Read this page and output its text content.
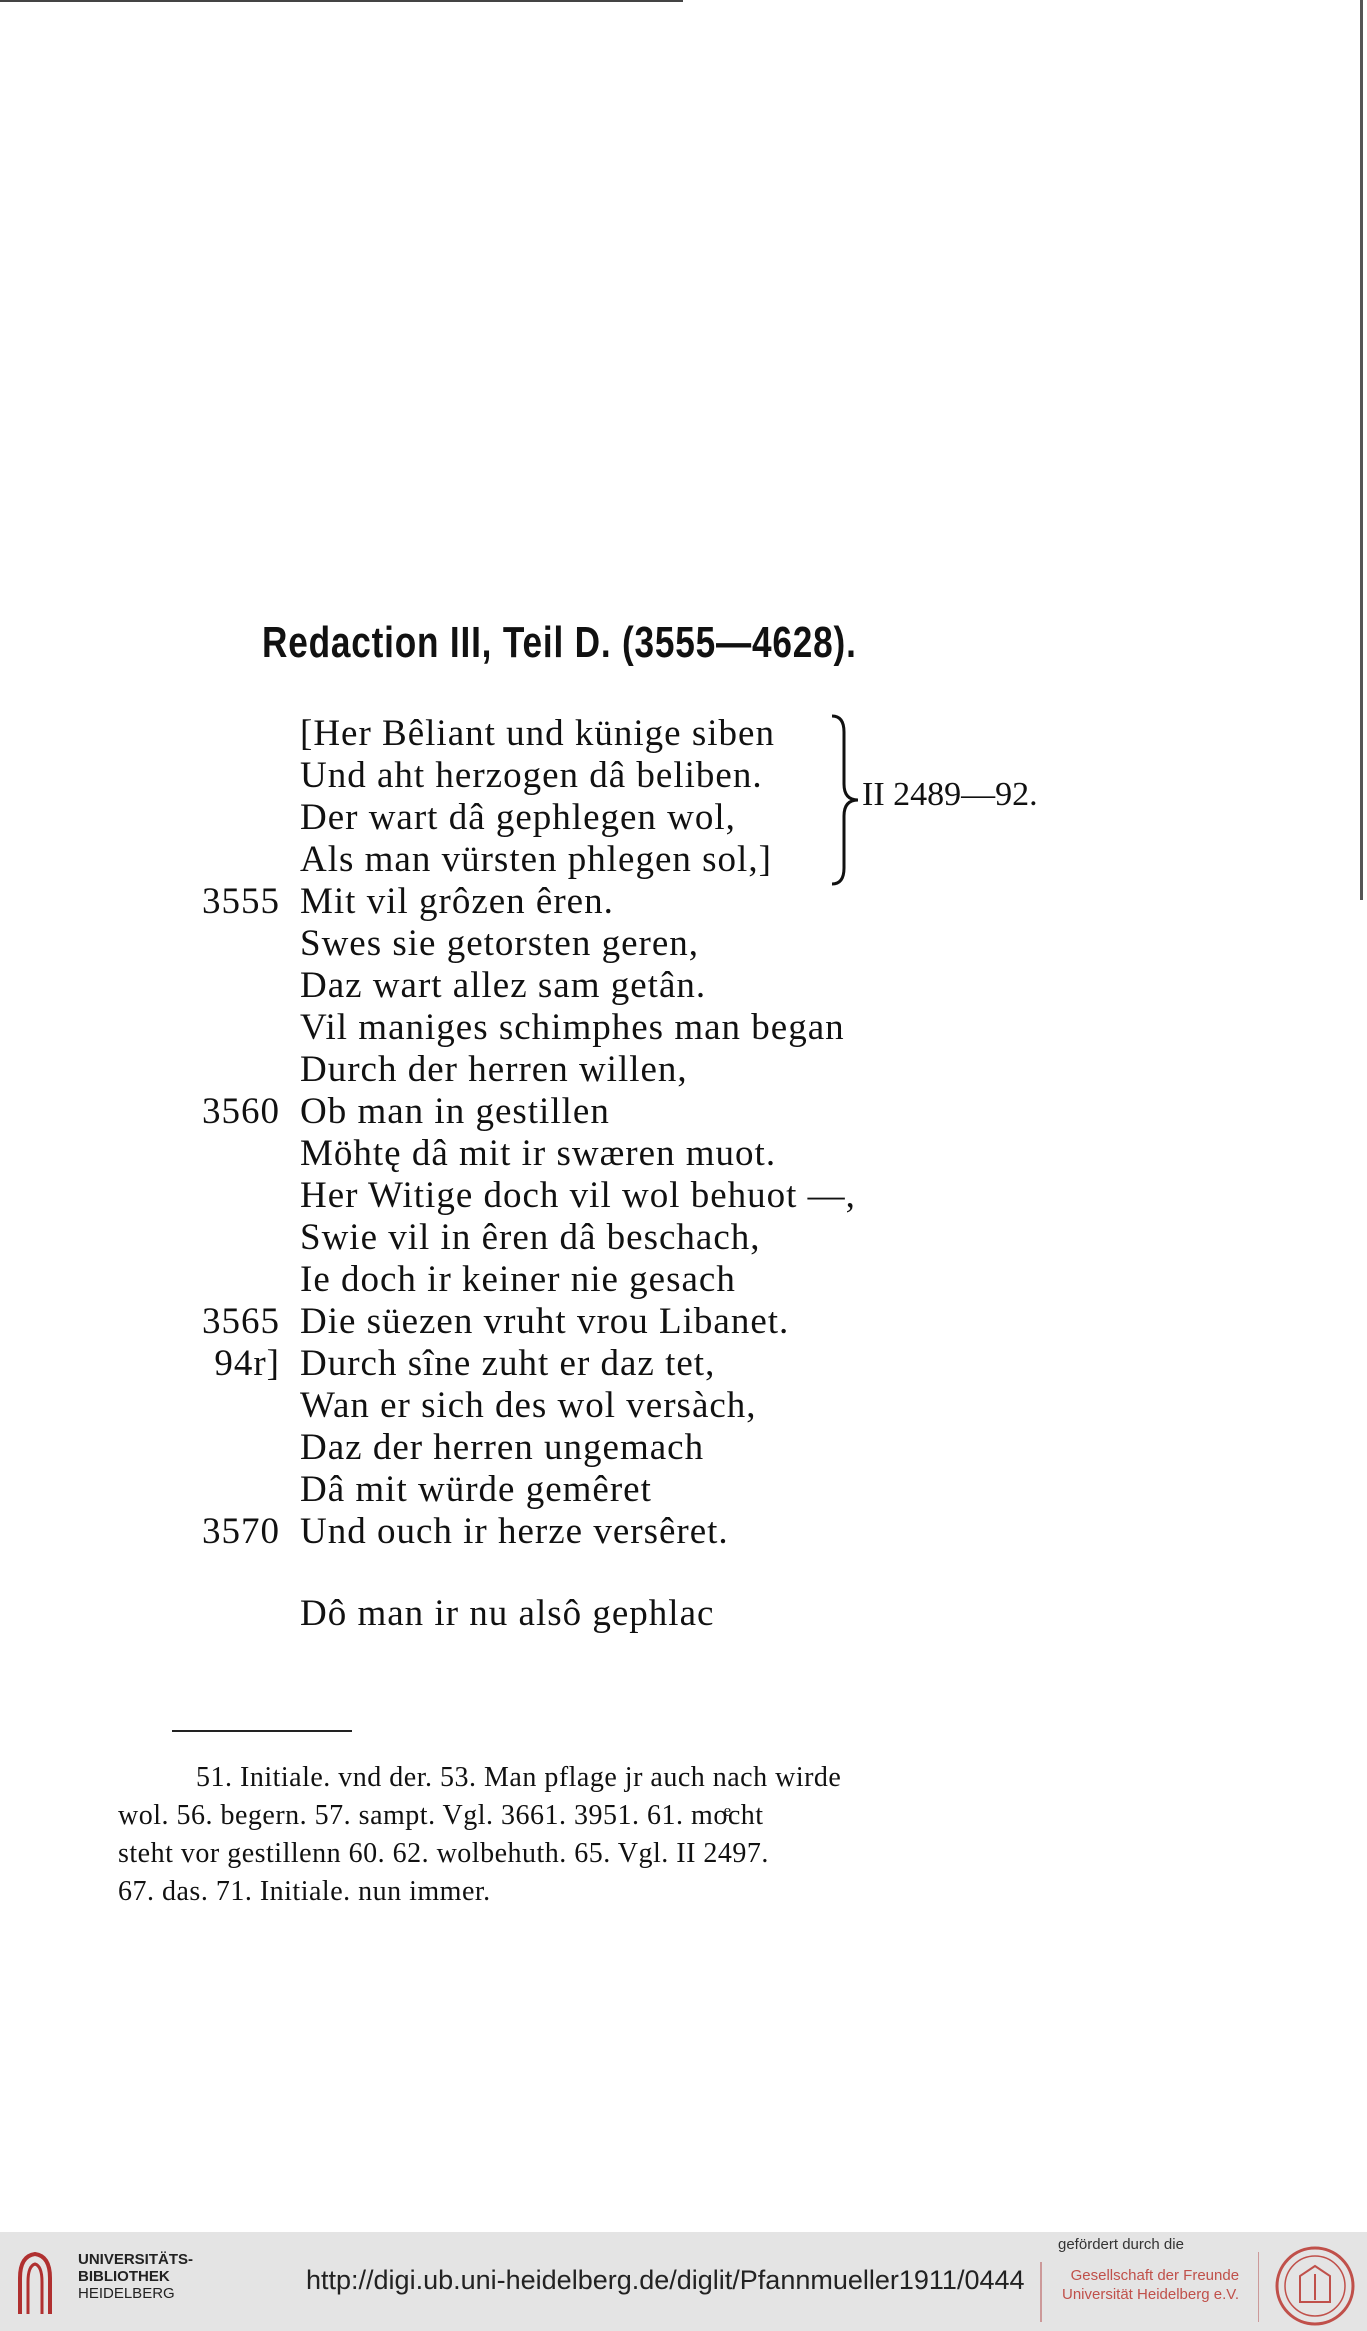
Redaction III, Teil D. (3555—4628).
[Her Bêliant und künige siben
Und aht herzogen dâ beliben.
Der wart dâ gephlegen wol,
Als man vürsten phlegen sol,]
3555 Mit vil grôzen êren.
Swes sie getorsten geren,
Daz wart allez sam getân.
Vil maniges schimphes man began
Durch der herren willen,
3560 Ob man in gestillen
Möhtę dâ mit ir swæren muot.
Her Witige doch vil wol behuot —,
Swie vil in êren dâ beschach,
Ie doch ir keiner nie gesach
3565 Die süezen vruht vrou Libanet.
94r] Durch sîne zuht er daz tet,
Wan er sich des wol versàch,
Daz der herren ungemach
Dâ mit würde gemêret
3570 Und ouch ir herze versêret.
Dô man ir nu alsô gephlac
II 2489—92.
51. Initiale. vnd der. 53. Man pflage jr auch nach wirde
wol. 56. begern. 57. sampt. Vgl. 3661. 3951. 61. moͤcht
steht vor gestillenn 60. 62. wolbehuth. 65. Vgl. II 2497.
67. das. 71. Initiale. nun immer.
UNIVERSITÄTS-
BIBLIOTHEK
HEIDELBERG	http://digi.ub.uni-heidelberg.de/diglit/Pfannmueller1911/0444
gefördert durch die
Gesellschaft der Freunde
Universität Heidelberg e.V.
